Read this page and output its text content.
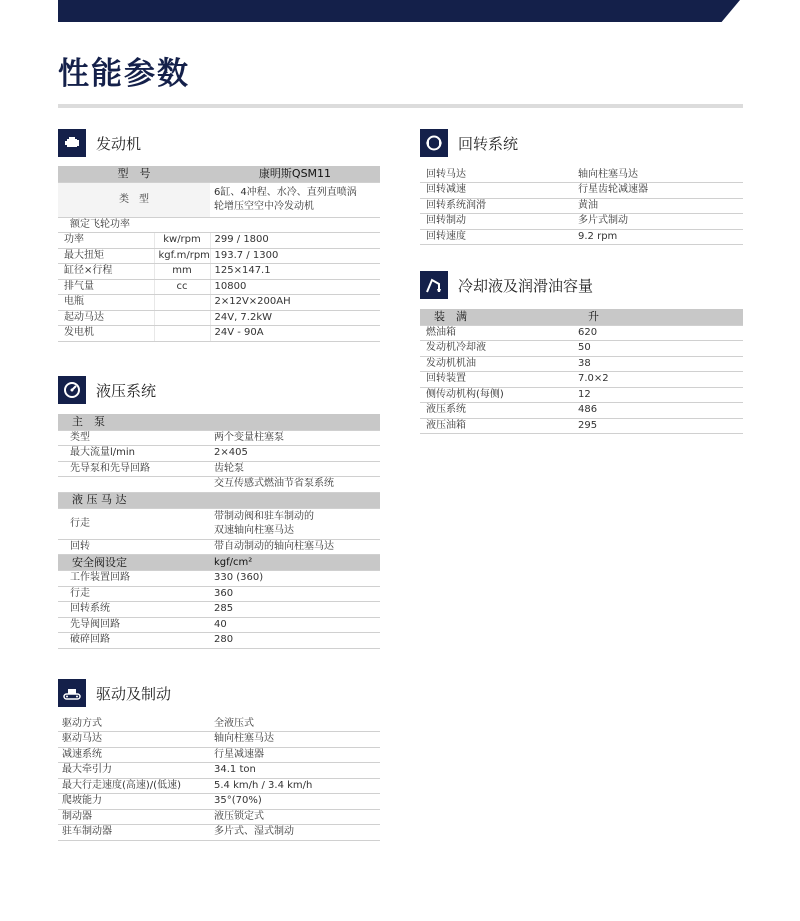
性能参数
发动机
型　号		康明斯QSM11
类　型		6缸、4冲程、水冷、直列直喷涡
轮增压空空中冷发动机

额定飞轮功率		
功率	kw/rpm	299 / 1800
最大扭矩	kgf.m/rpm	193.7 / 1300
缸径×行程	mm	125×147.1
排气量	cc	10800
电瓶		2×12V×200AH
起动马达		24V, 7.2kW
发电机		24V - 90A
液压系统
主　泵	
类型	两个变量柱塞泵
最大流量l/min	2×405
先导泵和先导回路	齿轮泵
	交互传感式燃油节省泵系统
液 压 马 达	
行走	带制动阀和驻车制动的
双速轴向柱塞马达

回转	带自动制动的轴向柱塞马达
安全阀设定	kgf/cm²
工作装置回路	330 (360)
行走	360
回转系统	285
先导阀回路	40
破碎回路	280
驱动及制动
驱动方式	全液压式
驱动马达	轴向柱塞马达
减速系统	行星减速器
最大牵引力	34.1 ton
最大行走速度(高速)/(低速)	5.4 km/h / 3.4 km/h
爬坡能力	35°(70%)
制动器	液压锁定式
驻车制动器	多片式、湿式制动
回转系统
回转马达	轴向柱塞马达
回转减速	行星齿轮减速器
回转系统润滑	黄油
回转制动	多片式制动
回转速度	9.2 rpm
冷却液及润滑油容量
装　满	升
燃油箱	620
发动机冷却液	50
发动机机油	38
回转装置	7.0×2
侧传动机构(每侧)	12
液压系统	486
液压油箱	295
